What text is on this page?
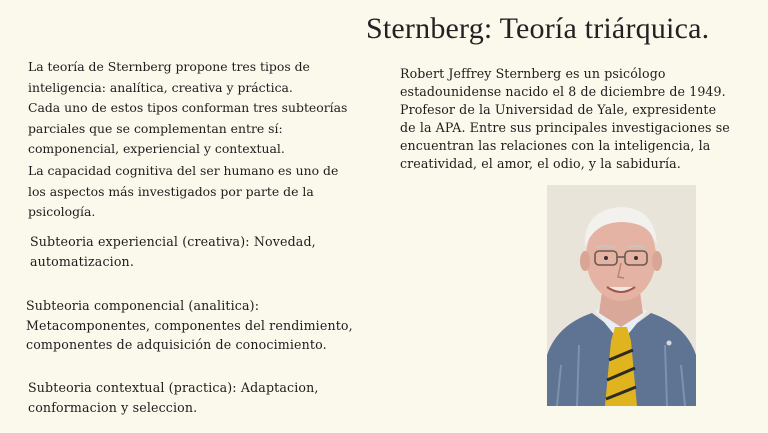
Sternberg: Teoría triárquica.

La teoría de Sternberg propone tres tipos de inteligencia: analítica, creativa y práctica.

Cada uno de estos tipos conforman tres subteorías parciales que se complementan entre sí: componencial, experiencial y contextual.

La capacidad cognitiva del ser humano es uno de los aspectos más investigados por parte de la psicología.

Subteoria experiencial (creativa): Novedad, automatizacion.

Subteoria componencial (analitica): Metacomponentes, componentes del rendimiento, componentes de adquisición de conocimiento.

Subteoria contextual (practica): Adaptacion, conformacion y seleccion.

Robert Jeffrey Sternberg es un psicólogo estadounidense nacido el 8 de diciembre de 1949. Profesor de la Universidad de Yale, expresidente de la APA. Entre sus principales investigaciones se encuentran las relaciones con la inteligencia, la creatividad, el amor, el odio, y la sabiduría.
